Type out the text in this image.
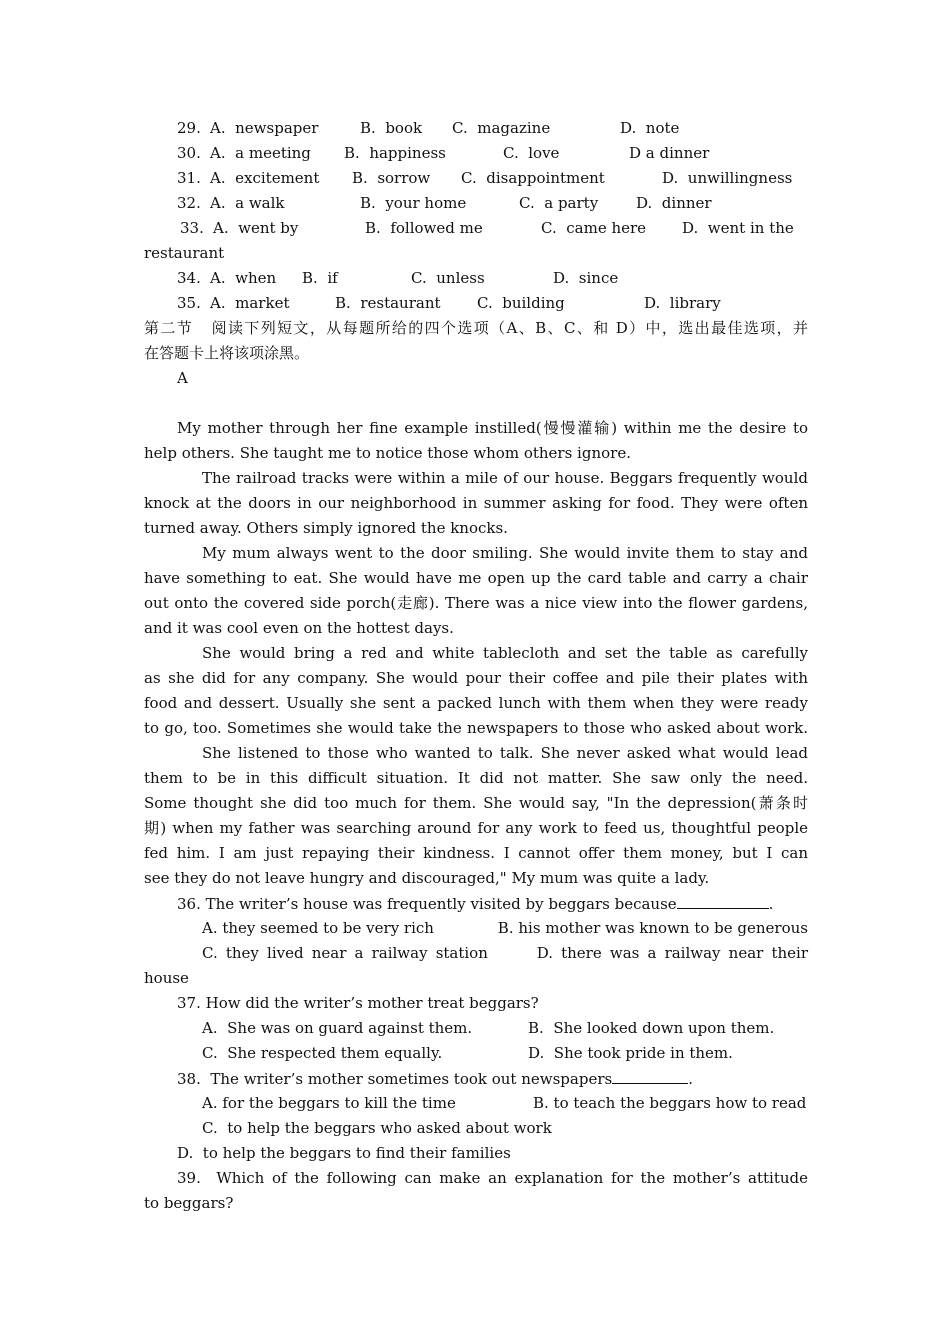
29. A.  newspaper	B.  book	C.  magazine	D.  note
30. A.  a meeting	B.  happiness	C.  love	D a dinner
31. A.  excitement	B.  sorrow	C.  disappointment	D.  unwillingness
32. A.  a walk	B.  your home	C.  a party	D.  dinner
33. A.  went by	B.  followed me	C.  came here	D.  went in the
restaurant
34. A.  when	B.  if	C.  unless	D.  since
35. A.  market	B.  restaurant	C.  building	D.  library
第二节   阅读下列短文，从每题所给的四个选项（A、B、C、和 D）中，选出最佳选项，并
在答题卡上将该项涂黑。
A
My mother through her fine example instilled(慢慢灌输) within me the desire to
help others. She taught me to notice those whom others ignore.
The railroad tracks were within a mile of our house. Beggars frequently would
knock at the doors in our neighborhood in summer asking for food. They were often
turned away. Others simply ignored the knocks.
My mum always went to the door smiling. She would invite them to stay and
have something to eat. She would have me open up the card table and carry a chair
out onto the covered side porch(走廊). There was a nice view into the flower gardens,
and it was cool even on the hottest days.
She would bring a red and white tablecloth and set the table as carefully
as she did for any company. She would pour their coffee and pile their plates with
food and dessert. Usually she sent a packed lunch with them when they were ready
to go, too. Sometimes she would take the newspapers to those who asked about work.
She listened to those who wanted to talk. She never asked what would lead
them to be in this difficult situation. It did not matter. She saw only the need.
Some thought she did too much for them. She would say, "In the depression(萧条时
期) when my father was searching around for any work to feed us, thoughtful people
fed him. I am just repaying their kindness. I cannot offer them money, but I can
see they do not leave hungry and discouraged," My mum was quite a lady.
36. The writer’s house was frequently visited by beggars because	.
A. they seemed to be very rich	B. his mother was known to be generous
C. they lived near a railway station	D. there was a railway near their
house
37. How did the writer’s mother treat beggars?
A.  She was on guard against them.	B.  She looked down upon them.
C.  She respected them equally.	D.  She took pride in them.
38.  The writer’s mother sometimes took out newspapers	.
A. for the beggars to kill the time	B. to teach the beggars how to read
C.  to help the beggars who asked about work
D.  to help the beggars to find their families
39.  Which of the following can make an explanation for the mother’s attitude
to beggars?
